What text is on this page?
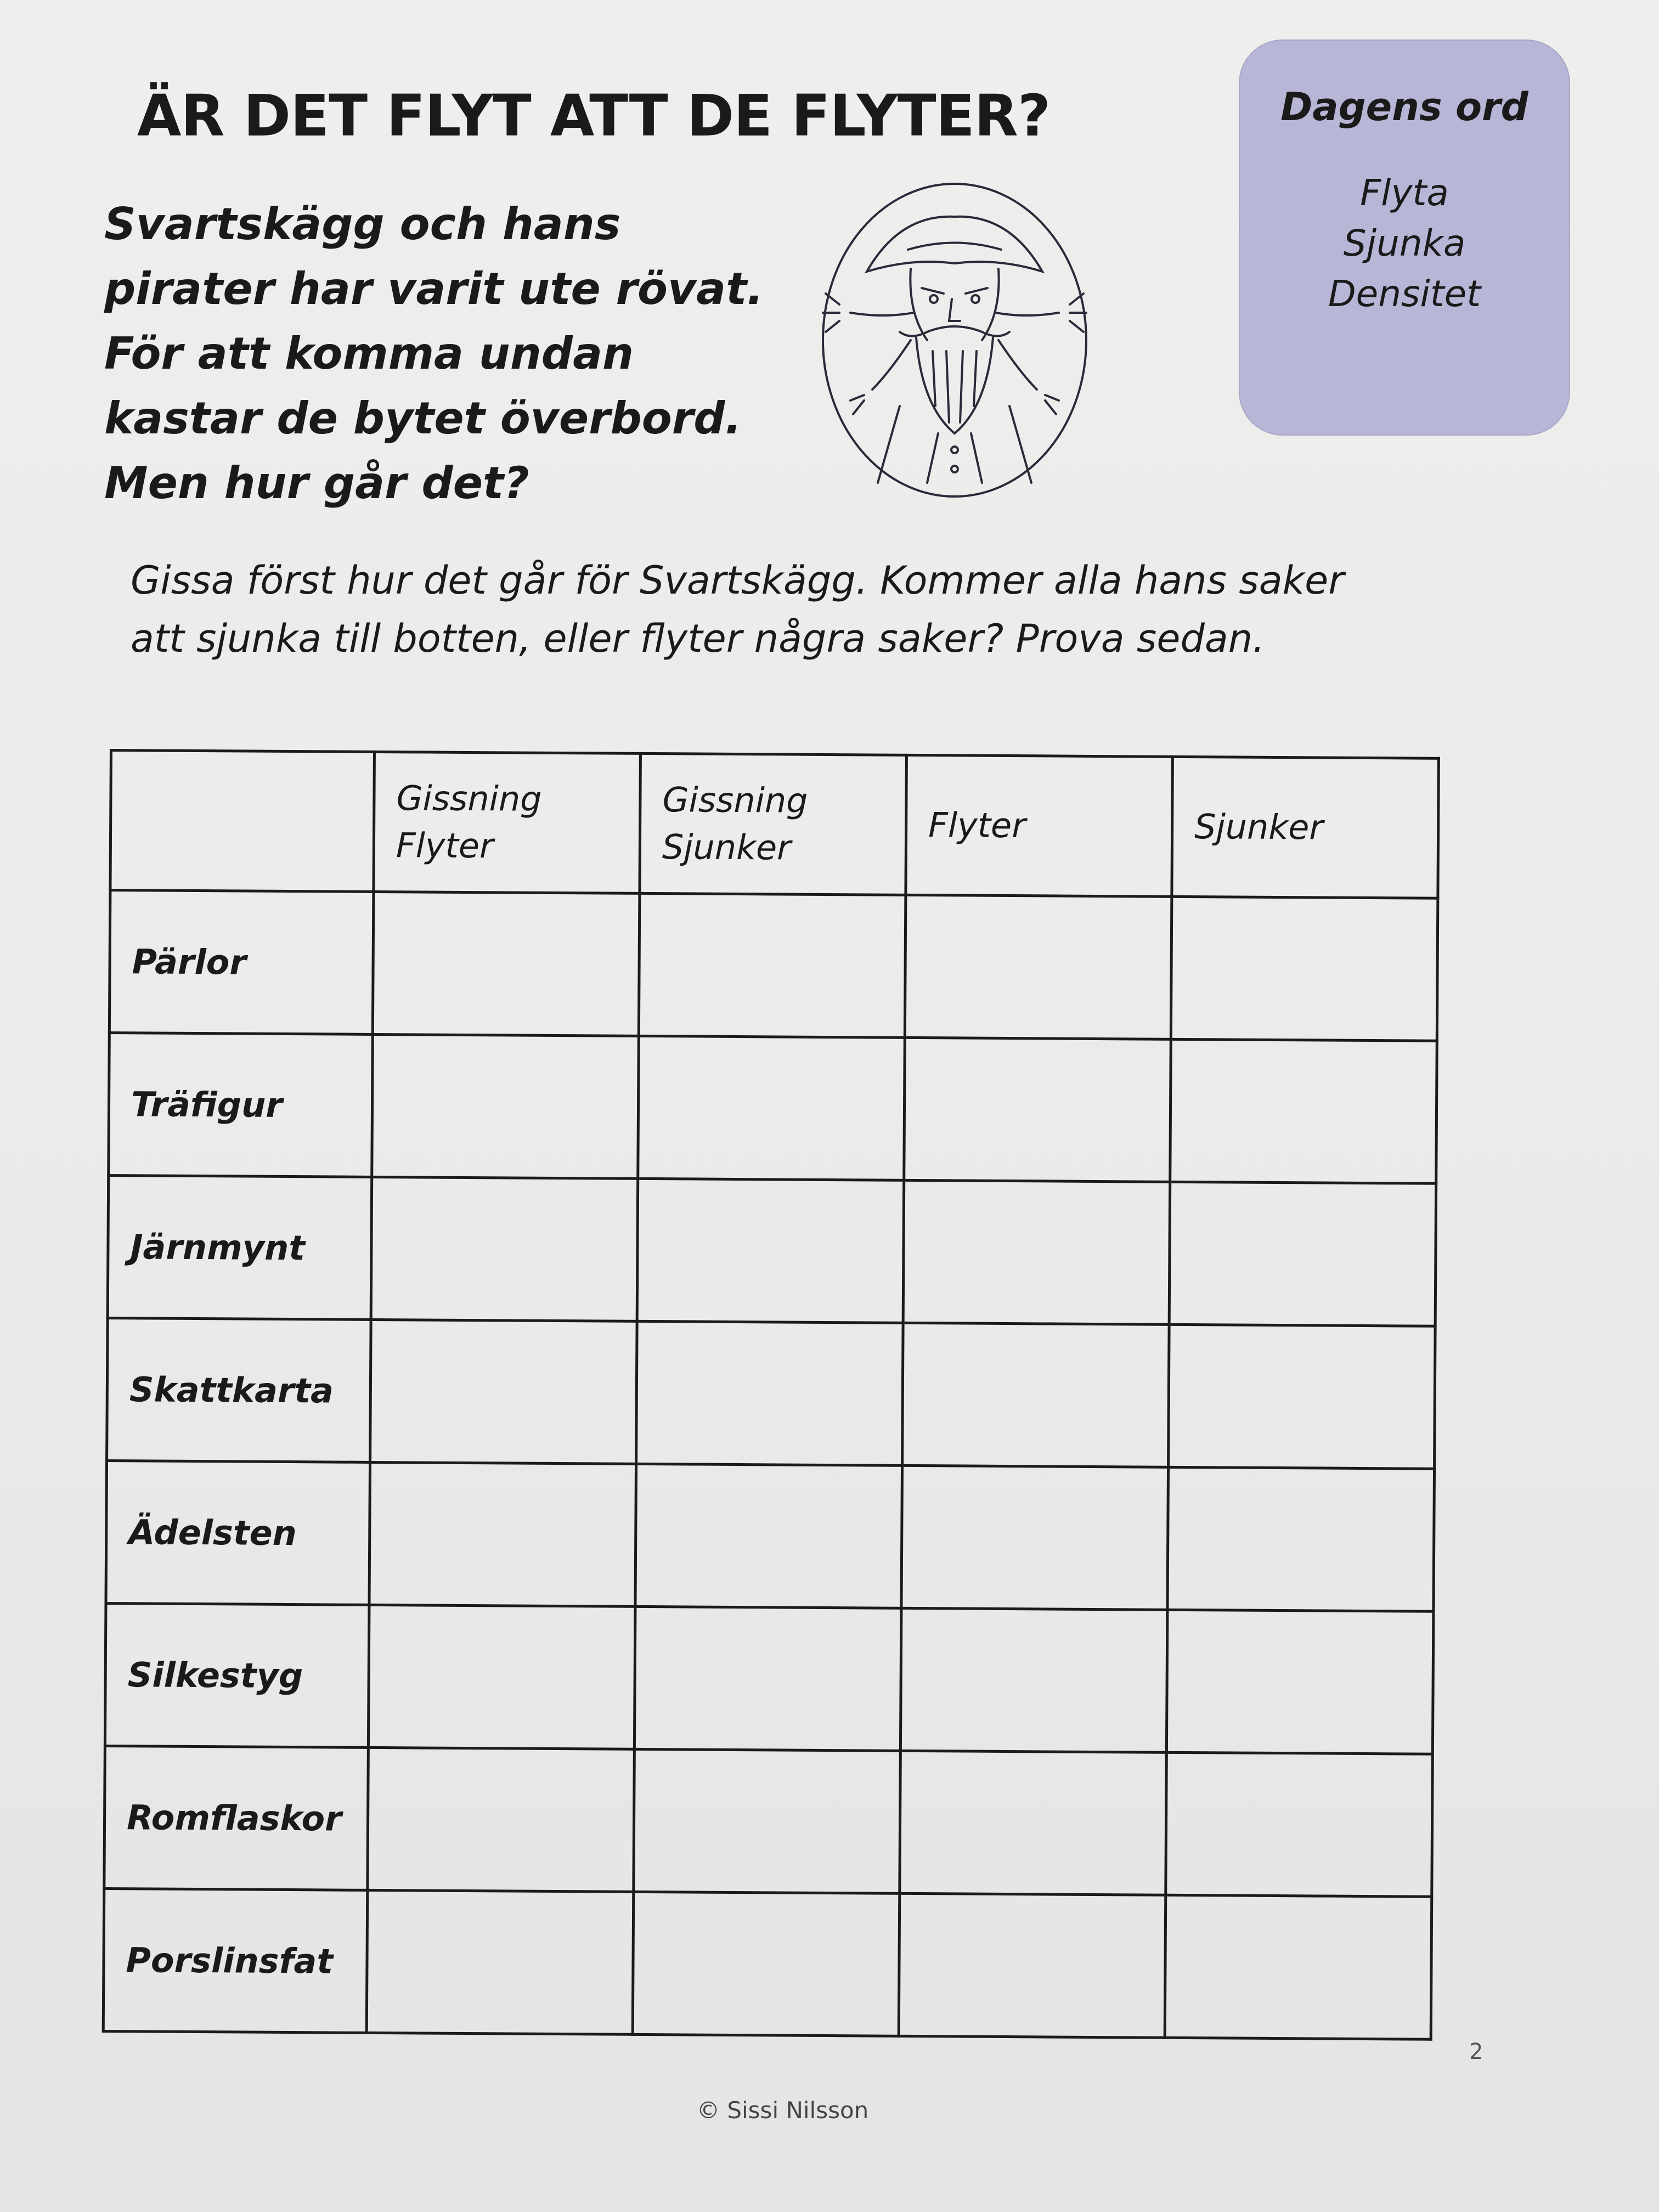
ÄR DET FLYT ATT DE FLYTER?
Svartskägg och hans
pirater har varit ute rövat.
För att komma undan
kastar de bytet överbord.
Men hur går det?
Dagens ord
Flyta
Sjunka
Densitet
Gissa först hur det går för Svartskägg. Kommer alla hans saker
att sjunka till botten, eller flyter några saker? Prova sedan.
	Gissning Flyter	Gissning Sjunker	Flyter	Sjunker
Pärlor				
Träfigur				
Järnmynt				
Skattkarta				
Ädelsten				
Silkestyg				
Romflaskor				
Porslinsfat				
2
© Sissi Nilsson
